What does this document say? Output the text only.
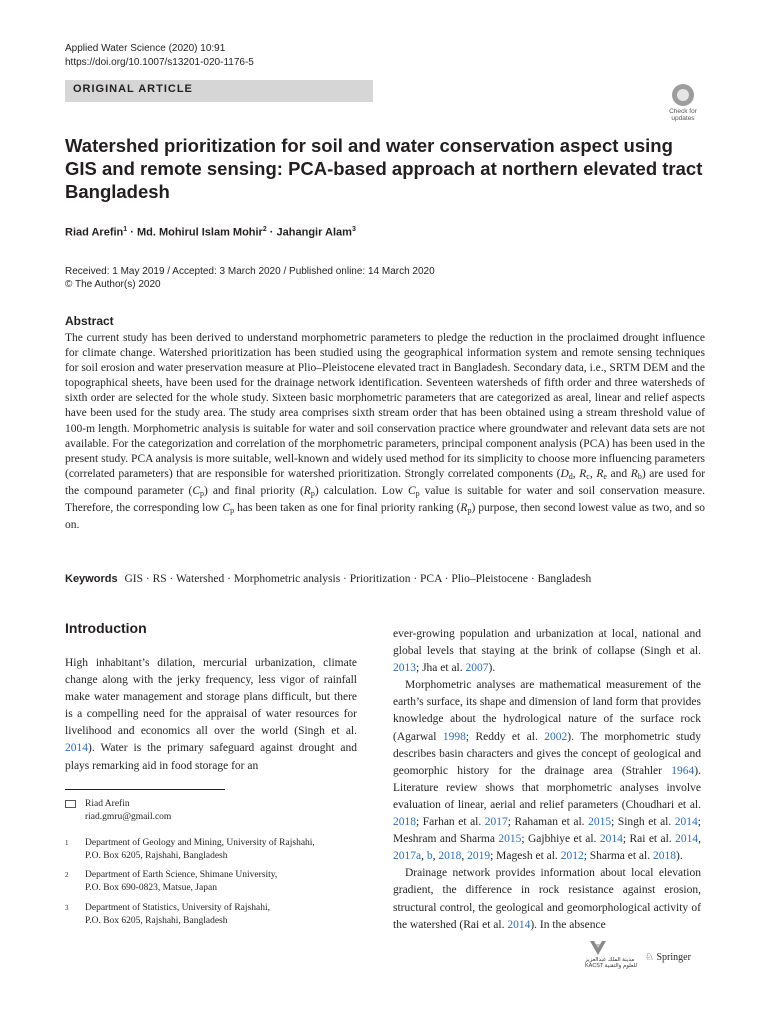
Applied Water Science (2020) 10:91
https://doi.org/10.1007/s13201-020-1176-5
ORIGINAL ARTICLE
Check for updates
Watershed prioritization for soil and water conservation aspect using GIS and remote sensing: PCA-based approach at northern elevated tract Bangladesh
Riad Arefin$^1$ · Md. Mohirul Islam Mohir$^2$ · Jahangir Alam$^3$
Received: 1 May 2019 / Accepted: 3 March 2020 / Published online: 14 March 2020
© The Author(s) 2020
Abstract
The current study has been derived to understand morphometric parameters to pledge the reduction in the proclaimed drought influence for climate change. Watershed prioritization has been studied using the geographical information system and remote sensing techniques for soil erosion and water preservation measure at Plio–Pleistocene elevated tract in Bangladesh. Secondary data, i.e., SRTM DEM and the topographical sheets, have been used for the drainage network identification. Seventeen watersheds of fifth order and three watersheds of sixth order are selected for the whole study. Sixteen basic morphometric parameters that are categorized as areal, linear and relief aspects have been used for the study area. The study area comprises sixth stream order that has been obtained using a stream threshold value of 100-m length. Morphometric analysis is suitable for water and soil conservation practice where groundwater and relevant data sets are not available. For the categorization and correlation of the morphometric parameters, principal component analysis (PCA) has been used in the present study. PCA analysis is more suitable, well-known and widely used method for its simplicity to choose more influencing parameters (correlated parameters) that are responsible for watershed prioritization. Strongly correlated components ($D_d$, $R_c$, $R_e$ and $R_b$) are used for the compound parameter $(C_p)$ and final priority $(R_p)$ calculation. Low $C_p$ value is suitable for water and soil conservation measure. Therefore, the corresponding low $C_p$ has been taken as one for final priority ranking $(R_p)$ purpose, then second lowest value as two, and so on.
Keywords GIS · RS · Watershed · Morphometric analysis · Prioritization · PCA · Plio–Pleistocene · Bangladesh
Introduction
High inhabitant’s dilation, mercurial urbanization, climate change along with the jerky frequency, less vigor of rainfall make water management and storage plans difficult, but there is a compelling need for the appraisal of water resources for livelihood and economics all over the world (Singh et al. 2014). Water is the primary safeguard against drought and plays remarking aid in food storage for an

ever-growing population and urbanization at local, national and global levels that staying at the brink of collapse (Singh et al. 2013; Jha et al. 2007).

Morphometric analyses are mathematical measurement of the earth’s surface, its shape and dimension of land form that provides knowledge about the hydrological nature of the surface rock (Agarwal 1998; Reddy et al. 2002). The morphometric study describes basin characters and gives the concept of geological and geomorphic history for the drainage area (Strahler 1964). Literature review shows that morphometric analyses involve evaluation of linear, aerial and relief parameters (Choudhari et al. 2018; Farhan et al. 2017; Rahaman et al. 2015; Singh et al. 2014; Meshram and Sharma 2015; Gajbhiye et al. 2014; Rai et al. 2014, 2017a, b, 2018, 2019; Magesh et al. 2012; Sharma et al. 2018).

Drainage network provides information about local elevation gradient, the difference in rock resistance against erosion, structural control, the geological and geomorphological activity of the watershed (Rai et al. 2014). In the absence

Riad Arefin
riad.gmru@gmail.com
1 Department of Geology and Mining, University of Rajshahi,
P.O. Box 6205, Rajshahi, Bangladesh
2 Department of Earth Science, Shimane University,
P.O. Box 690-0823, Matsue, Japan
3 Department of Statistics, University of Rajshahi,
P.O. Box 6205, Rajshahi, Bangladesh
مدينة الملك عبدالعزيز
KACST للعلوم والتقنية
♘ Springer
